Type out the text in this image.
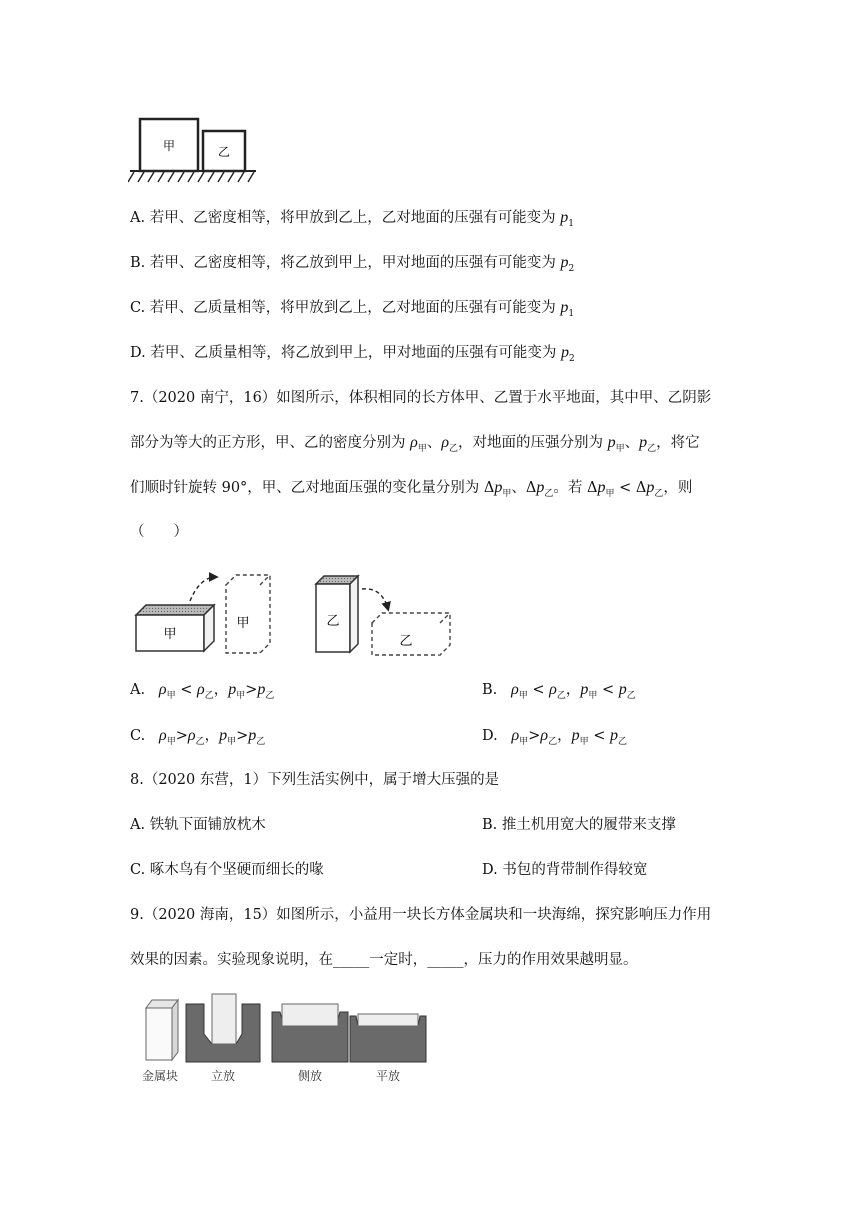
甲	乙
A. 若甲、乙密度相等，将甲放到乙上，乙对地面的压强有可能变为 $p_1$
B. 若甲、乙密度相等，将乙放到甲上，甲对地面的压强有可能变为 $p_2$
C. 若甲、乙质量相等，将甲放到乙上，乙对地面的压强有可能变为 $p_1$
D. 若甲、乙质量相等，将乙放到甲上，甲对地面的压强有可能变为 $p_2$
7.（2020 南宁，16）如图所示，体积相同的长方体甲、乙置于水平地面，其中甲、乙阴影
部分为等大的正方形，甲、乙的密度分别为 $\rho_甲$、$\rho_乙$，对地面的压强分别为 $p_甲$、$p_乙$，将它
们顺时针旋转 90°，甲、乙对地面压强的变化量分别为 $\Delta p_甲$、$\Delta p_乙$。若 $\Delta p_甲 < \Delta p_乙$，则
（　　）
甲
甲	乙
乙
A. $\rho_甲 < \rho_乙$，$p_甲>p_乙$	B. $\rho_甲 < \rho_乙$，$p_甲 < p_乙$
C. $\rho_甲>\rho_乙$，$p_甲>p_乙$	D. $\rho_甲>\rho_乙$，$p_甲 < p_乙$
8.（2020 东营，1）下列生活实例中，属于增大压强的是
A. 铁轨下面铺放枕木	B. 推土机用宽大的履带来支撑
C. 啄木鸟有个坚硬而细长的喙	D. 书包的背带制作得较宽
9.（2020 海南，15）如图所示，小益用一块长方体金属块和一块海绵，探究影响压力作用
效果的因素。实验现象说明，在_____一定时，_____，压力的作用效果越明显。
金属块	立放	侧放	平放
